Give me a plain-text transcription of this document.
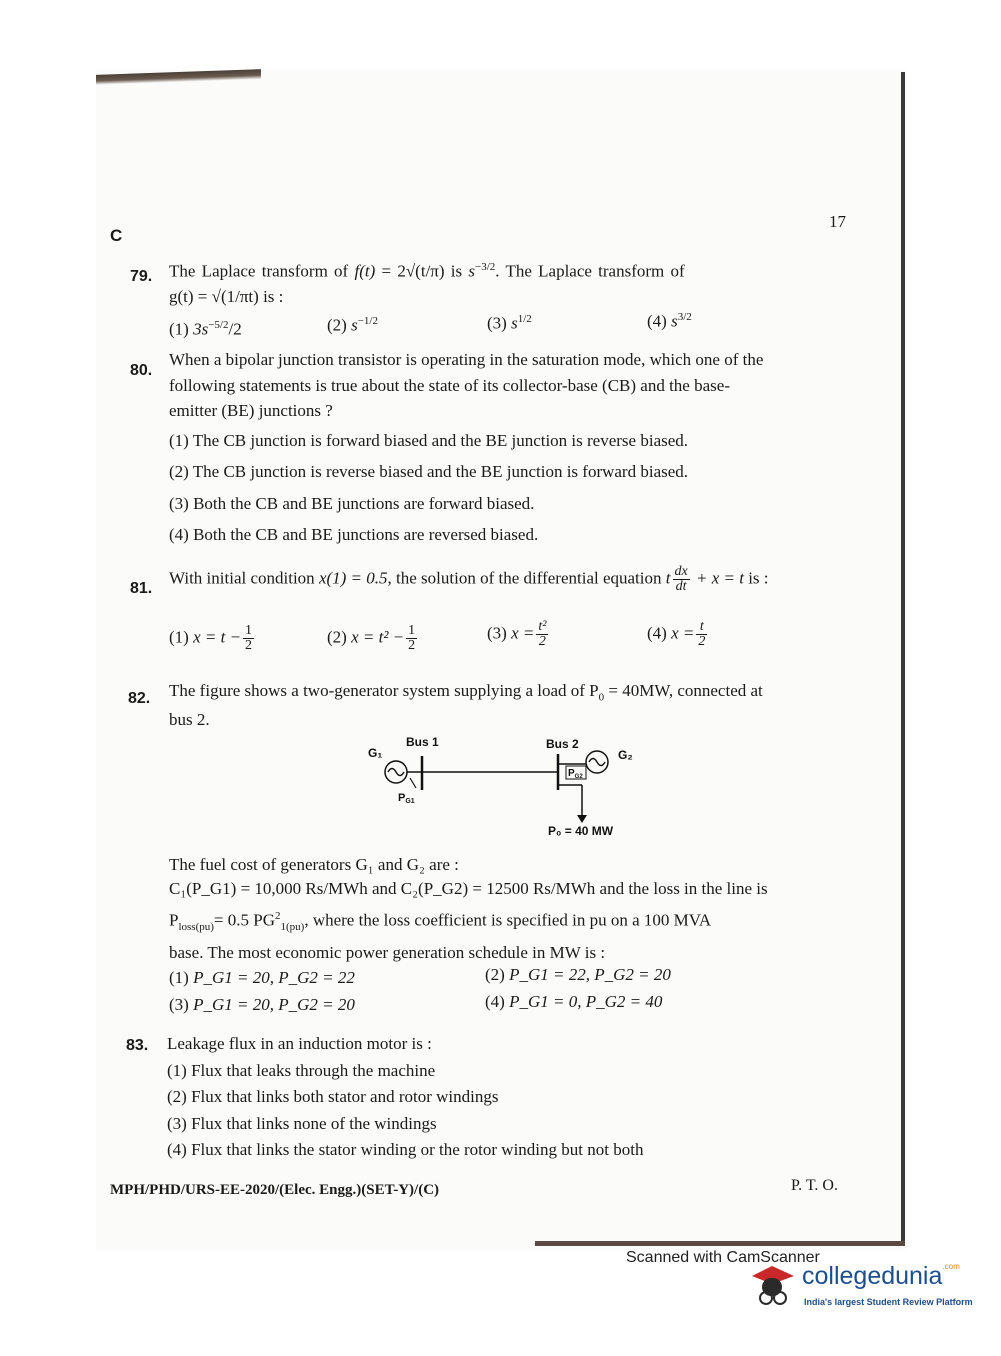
C
17
79. The Laplace transform of f(t) = 2√(t/π) is $s^{-3/2}$. The Laplace transform of
g(t) = √(1/πt) is :
(1) $3s^{-5/2}/2$	(2) $s^{-1/2}$	(3) $s^{1/2}$	(4) $s^{3/2}$
80.
When a bipolar junction transistor is operating in the saturation mode, which one of the
following statements is true about the state of its collector-base (CB) and the base-
emitter (BE) junctions ?
(1) The CB junction is forward biased and the BE junction is reverse biased.
(2) The CB junction is reverse biased and the BE junction is forward biased.
(3) Both the CB and BE junctions are forward biased.
(4) Both the CB and BE junctions are reversed biased.
81.
With initial condition x(1) = 0.5, the solution of the differential equation t $\frac{dx}{dt} + x = t$ is :
(1) $x = t - \frac{1}{2}$	(2) $x = t^2 - \frac{1}{2}$	(3) $x = \frac{\text{t²}}{2}$	(4) $x = \frac{t}{2}$
82. The figure shows a two-generator system supplying a load of $P_0 = 40MW$, connected at
bus 2.
Bus 1	Bus 2
G₁	G₂
PG1
$P_{G2}$
P₀ = 40 MW
The fuel cost of generators G₁ and G₂ are :
C₁(P_G1) = 10,000 Rs/MWh and C₂(P_G2) = 12500 Rs/MWh and the loss in the line is
$P_{loss(pu)}= 0.5$ $PG^2_{1(pu)}$, where the loss coefficient is specified in pu on a 100 MVA
base. The most economic power generation schedule in MW is :
(1) P_G1 = 20, P_G2 = 22	(2) P_G1 = 22, P_G2 = 20
(3) P_G1 = 20, P_G2 = 20	(4) P_G1 = 0, P_G2 = 40
83. Leakage flux in an induction motor is :
(1) Flux that leaks through the machine
(2) Flux that links both stator and rotor windings
(3) Flux that links none of the windings
(4) Flux that links the stator winding or the rotor winding but not both
MPH/PHD/URS-EE-2020/(Elec. Engg.)(SET-Y)/(C)	P. T. O.
Scanned with CamScanner
collegedunia.com
India's largest Student Review Platform
